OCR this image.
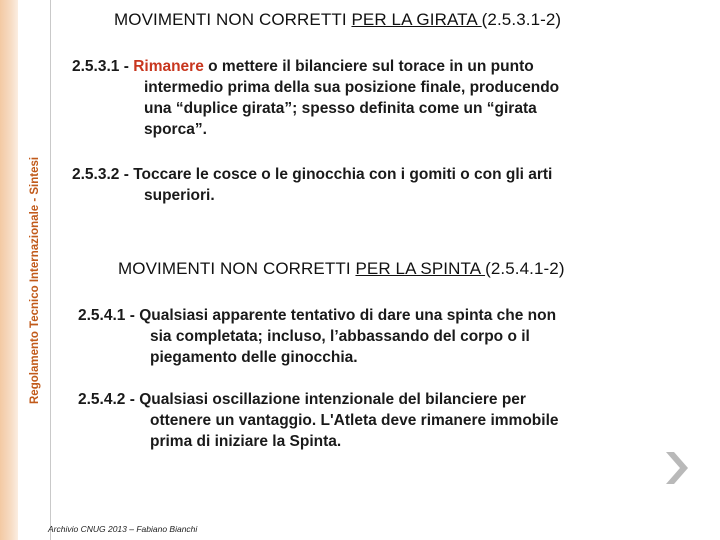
Regolamento Tecnico Internazionale - Sintesi
MOVIMENTI NON CORRETTI PER LA GIRATA (2.5.3.1-2)
2.5.3.1 - Rimanere o mettere il bilanciere sul torace in un punto
intermedio prima della sua posizione finale, producendo
una “duplice girata”; spesso definita come un “girata
sporca”.
2.5.3.2 - Toccare le cosce o le ginocchia con i gomiti o con gli arti
superiori.
MOVIMENTI NON CORRETTI PER LA SPINTA (2.5.4.1-2)
2.5.4.1 - Qualsiasi apparente tentativo di dare una spinta che non
sia completata; incluso, l’abbassando del corpo o il
piegamento delle ginocchia.
2.5.4.2 - Qualsiasi oscillazione intenzionale del bilanciere per
ottenere un vantaggio. L'Atleta deve rimanere immobile
prima di iniziare la Spinta.
Archivio CNUG 2013 – Fabiano Bianchi
